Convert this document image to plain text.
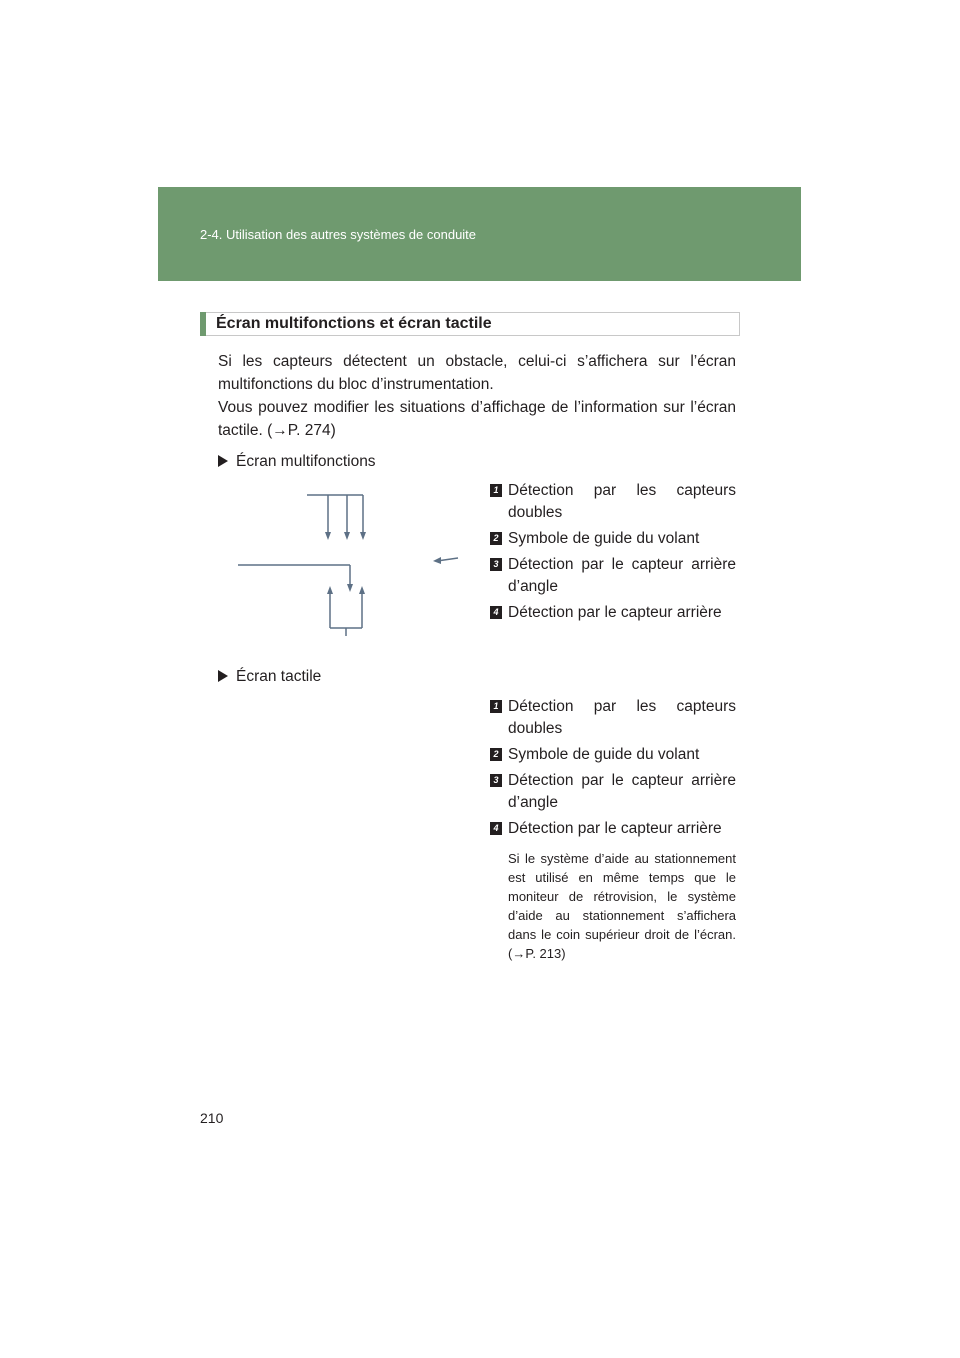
2-4. Utilisation des autres systèmes de conduite
Écran multifonctions et écran tactile

Si les capteurs détectent un obstacle, celui-ci s’affichera sur l’écran multifonctions du bloc d’instrumentation.

Vous pouvez modifier les situations d’affichage de l’information sur l’écran tactile. (→P. 274)

Écran multifonctions
1 Détection par les capteurs doubles
2 Symbole de guide du volant
3 Détection par le capteur arrière d’angle
4 Détection par le capteur arrière
Écran tactile
1 Détection par les capteurs doubles
2 Symbole de guide du volant
3 Détection par le capteur arrière d’angle
4 Détection par le capteur arrière
Si le système d’aide au stationnement est utilisé en même temps que le moniteur de rétrovision, le système d’aide au stationnement s’affichera dans le coin supérieur droit de l’écran. (→P. 213)
210
